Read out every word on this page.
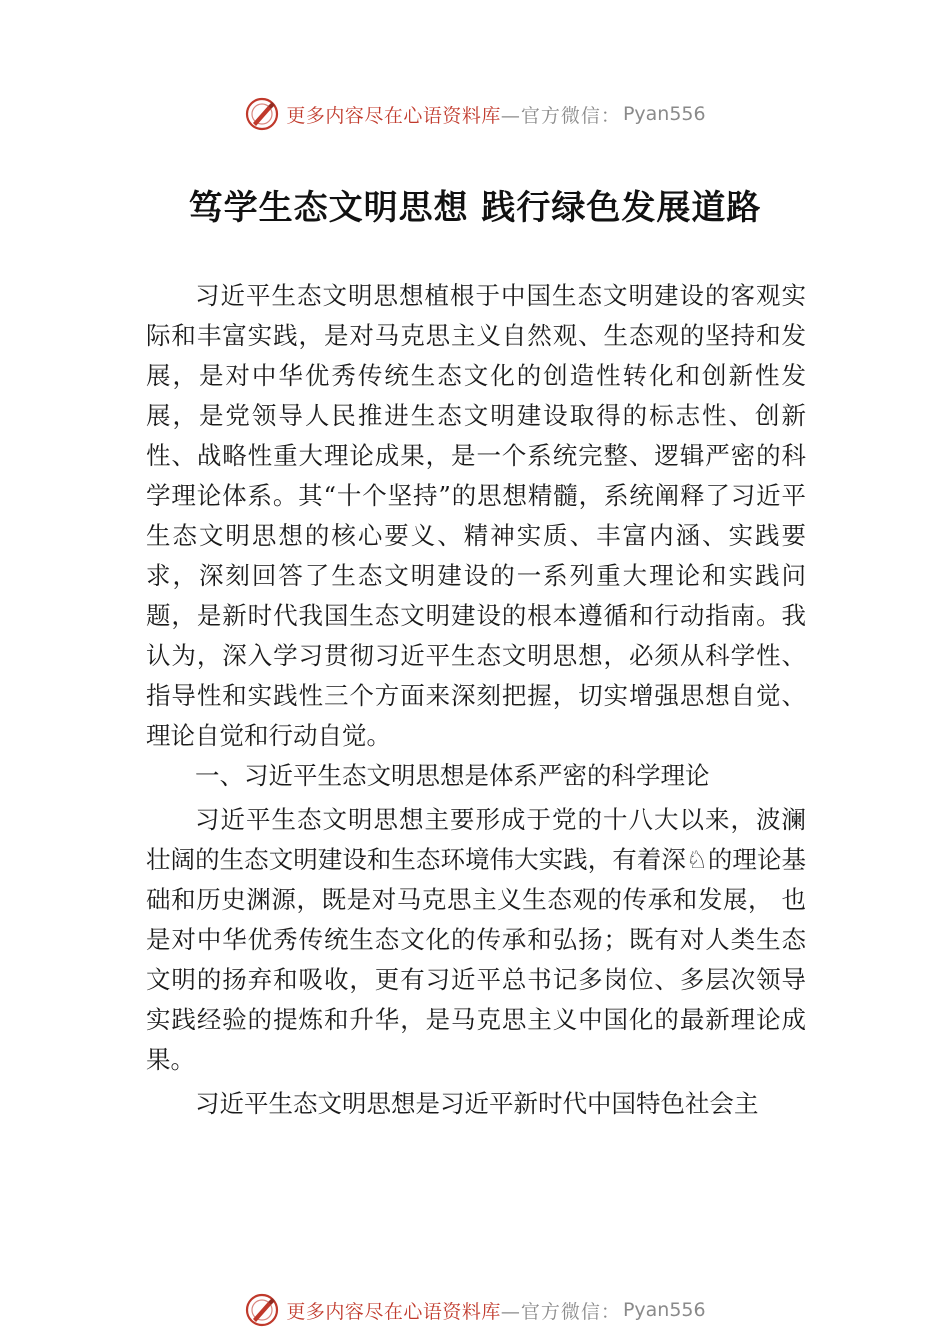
更多内容尽在心语资料库 —官方微信： Pyan556
笃学生态文明思想 践行绿色发展道路

习近平生态文明思想植根于中国生态文明建设的客观实际和丰富实践，是对马克思主义自然观、生态观的坚持和发展，是对中华优秀传统生态文化的创造性转化和创新性发展，是党领导人民推进生态文明建设取得的标志性、创新性、战略性重大理论成果，是一个系统完整、逻辑严密的科学理论体系。其“十个坚持”的思想精髓，系统阐释了习近平生态文明思想的核心要义、精神实质、丰富内涵、实践要求，深刻回答了生态文明建设的一系列重大理论和实践问题，是新时代我国生态文明建设的根本遵循和行动指南。我认为，深入学习贯彻习近平生态文明思想，必须从科学性、指导性和实践性三个方面来深刻把握，切实增强思想自觉、理论自觉和行动自觉。

一、习近平生态文明思想是体系严密的科学理论

习近平生态文明思想主要形成于党的十八大以来，波澜壮阔的生态文明建设和生态环境伟大实践，有着深♘的理论基础和历史渊源，既是对马克思主义生态观的传承和发展， 也是对中华优秀传统生态文化的传承和弘扬；既有对人类生态文明的扬弃和吸收，更有习近平总书记多岗位、多层次领导实践经验的提炼和升华，是马克思主义中国化的最新理论成果。

习近平生态文明思想是习近平新时代中国特色社会主

更多内容尽在心语资料库 —官方微信： Pyan556
